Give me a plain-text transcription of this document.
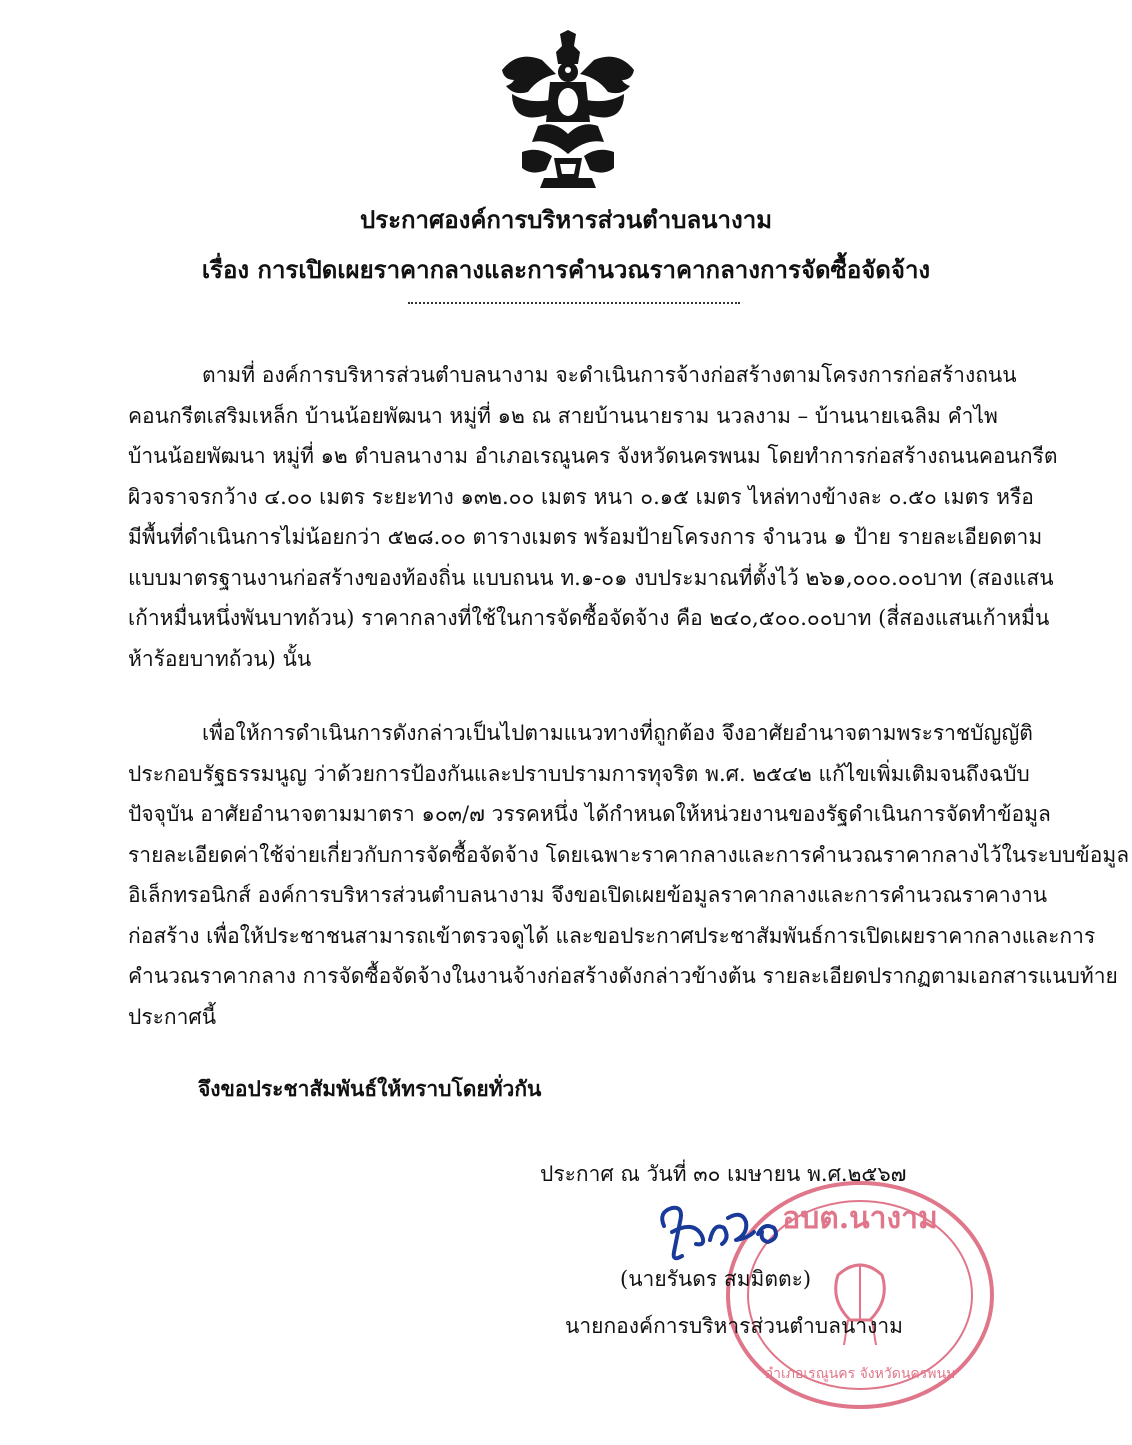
ประกาศองค์การบริหารส่วนตำบลนางาม
เรื่อง การเปิดเผยราคากลางและการคำนวณราคากลางการจัดซื้อจัดจ้าง
ตามที่ องค์การบริหารส่วนตำบลนางาม จะดำเนินการจ้างก่อสร้างตามโครงการก่อสร้างถนน
คอนกรีตเสริมเหล็ก บ้านน้อยพัฒนา หมู่ที่ ๑๒ ณ สายบ้านนายราม นวลงาม – บ้านนายเฉลิม คำไพ
บ้านน้อยพัฒนา หมู่ที่ ๑๒ ตำบลนางาม อำเภอเรณูนคร จังหวัดนครพนม โดยทำการก่อสร้างถนนคอนกรีต
ผิวจราจรกว้าง ๔.๐๐ เมตร ระยะทาง ๑๓๒.๐๐ เมตร หนา ๐.๑๕ เมตร ไหล่ทางข้างละ ๐.๕๐ เมตร หรือ
มีพื้นที่ดำเนินการไม่น้อยกว่า ๕๒๘.๐๐ ตารางเมตร พร้อมป้ายโครงการ จำนวน ๑ ป้าย รายละเอียดตาม
แบบมาตรฐานงานก่อสร้างของท้องถิ่น แบบถนน ท.๑-๐๑ งบประมาณที่ตั้งไว้ ๒๖๑,๐๐๐.๐๐บาท (สองแสน
เก้าหมื่นหนึ่งพันบาทถ้วน) ราคากลางที่ใช้ในการจัดซื้อจัดจ้าง คือ ๒๔๐,๕๐๐.๐๐บาท (สี่สองแสนเก้าหมื่น
ห้าร้อยบาทถ้วน) นั้น
เพื่อให้การดำเนินการดังกล่าวเป็นไปตามแนวทางที่ถูกต้อง จึงอาศัยอำนาจตามพระราชบัญญัติ
ประกอบรัฐธรรมนูญ ว่าด้วยการป้องกันและปราบปรามการทุจริต พ.ศ. ๒๕๔๒ แก้ไขเพิ่มเติมจนถึงฉบับ
ปัจจุบัน อาศัยอำนาจตามมาตรา ๑๐๓/๗ วรรคหนึ่ง ได้กำหนดให้หน่วยงานของรัฐดำเนินการจัดทำข้อมูล
รายละเอียดค่าใช้จ่ายเกี่ยวกับการจัดซื้อจัดจ้าง โดยเฉพาะราคากลางและการคำนวณราคากลางไว้ในระบบข้อมูล
อิเล็กทรอนิกส์ องค์การบริหารส่วนตำบลนางาม จึงขอเปิดเผยข้อมูลราคากลางและการคำนวณราคางาน
ก่อสร้าง เพื่อให้ประชาชนสามารถเข้าตรวจดูได้ และขอประกาศประชาสัมพันธ์การเปิดเผยราคากลางและการ
คำนวณราคากลาง การจัดซื้อจัดจ้างในงานจ้างก่อสร้างดังกล่าวข้างต้น รายละเอียดปรากฏตามเอกสารแนบท้าย
ประกาศนี้
จึงขอประชาสัมพันธ์ให้ทราบโดยทั่วกัน
ประกาศ ณ วันที่ ๓๐ เมษายน พ.ศ.๒๕๖๗
อบต.นางาม
อำเภอเรณูนคร จังหวัดนครพนม
(นายรันดร สมมิตตะ)
นายกองค์การบริหารส่วนตำบลนางาม
